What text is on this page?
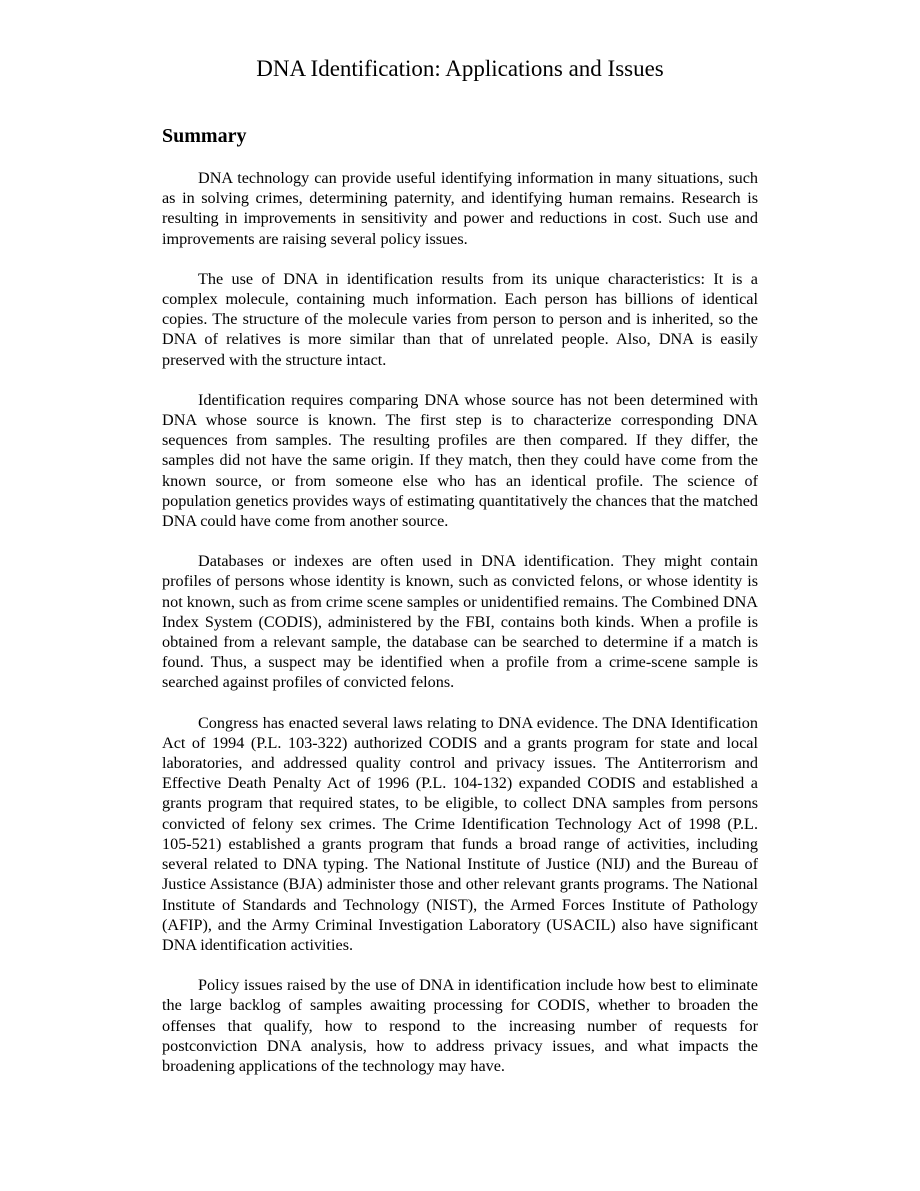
DNA Identification: Applications and Issues
Summary

DNA technology can provide useful identifying information in many situations, such as in solving crimes, determining paternity, and identifying human remains. Research is resulting in improvements in sensitivity and power and reductions in cost. Such use and improvements are raising several policy issues.

The use of DNA in identification results from its unique characteristics: It is a complex molecule, containing much information. Each person has billions of identical copies. The structure of the molecule varies from person to person and is inherited, so the DNA of relatives is more similar than that of unrelated people. Also, DNA is easily preserved with the structure intact.

Identification requires comparing DNA whose source has not been determined with DNA whose source is known. The first step is to characterize corresponding DNA sequences from samples. The resulting profiles are then compared. If they differ, the samples did not have the same origin. If they match, then they could have come from the known source, or from someone else who has an identical profile. The science of population genetics provides ways of estimating quantitatively the chances that the matched DNA could have come from another source.

Databases or indexes are often used in DNA identification. They might contain profiles of persons whose identity is known, such as convicted felons, or whose identity is not known, such as from crime scene samples or unidentified remains. The Combined DNA Index System (CODIS), administered by the FBI, contains both kinds. When a profile is obtained from a relevant sample, the database can be searched to determine if a match is found. Thus, a suspect may be identified when a profile from a crime-scene sample is searched against profiles of convicted felons.

Congress has enacted several laws relating to DNA evidence. The DNA Identification Act of 1994 (P.L. 103-322) authorized CODIS and a grants program for state and local laboratories, and addressed quality control and privacy issues. The Antiterrorism and Effective Death Penalty Act of 1996 (P.L. 104-132) expanded CODIS and established a grants program that required states, to be eligible, to collect DNA samples from persons convicted of felony sex crimes. The Crime Identification Technology Act of 1998 (P.L. 105-521) established a grants program that funds a broad range of activities, including several related to DNA typing. The National Institute of Justice (NIJ) and the Bureau of Justice Assistance (BJA) administer those and other relevant grants programs. The National Institute of Standards and Technology (NIST), the Armed Forces Institute of Pathology (AFIP), and the Army Criminal Investigation Laboratory (USACIL) also have significant DNA identification activities.

Policy issues raised by the use of DNA in identification include how best to eliminate the large backlog of samples awaiting processing for CODIS, whether to broaden the offenses that qualify, how to respond to the increasing number of requests for postconviction DNA analysis, how to address privacy issues, and what impacts the broadening applications of the technology may have.
